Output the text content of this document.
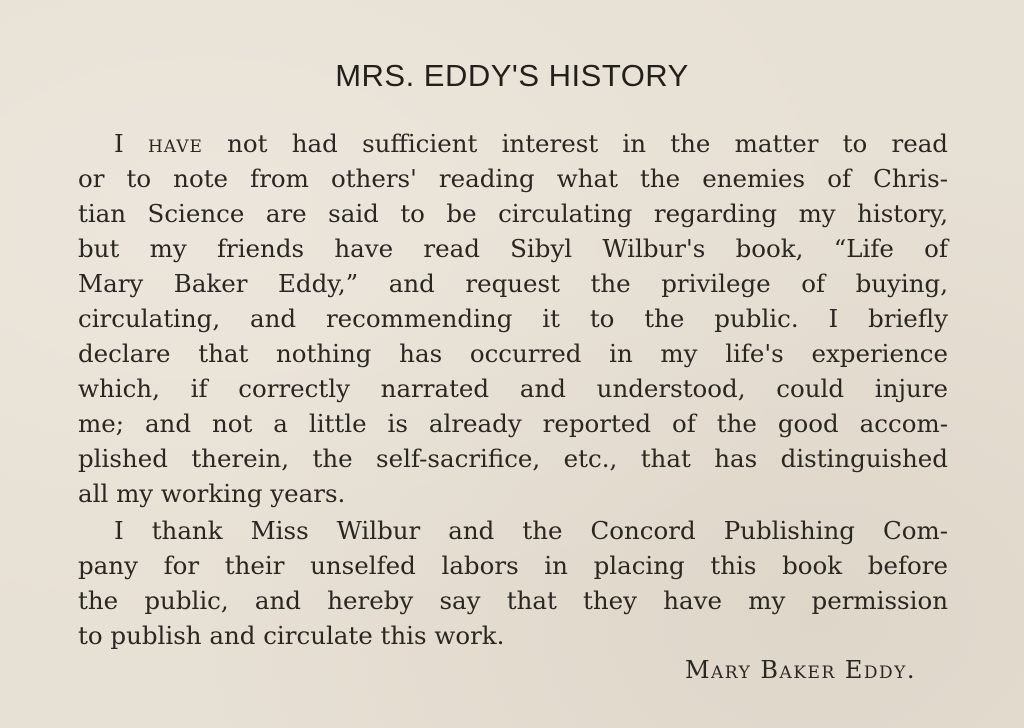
MRS. EDDY'S HISTORY
I have not had sufficient interest in the matter to read
or to note from others' reading what the enemies of Chris-
tian Science are said to be circulating regarding my history,
but my friends have read Sibyl Wilbur's book, “Life of
Mary Baker Eddy,” and request the privilege of buying,
circulating, and recommending it to the public. I briefly
declare that nothing has occurred in my life's experience
which, if correctly narrated and understood, could injure
me; and not a little is already reported of the good accom-
plished therein, the self-sacrifice, etc., that has distinguished
all my working years.
I thank Miss Wilbur and the Concord Publishing Com-
pany for their unselfed labors in placing this book before
the public, and hereby say that they have my permission
to publish and circulate this work.
Mary Baker Eddy.
